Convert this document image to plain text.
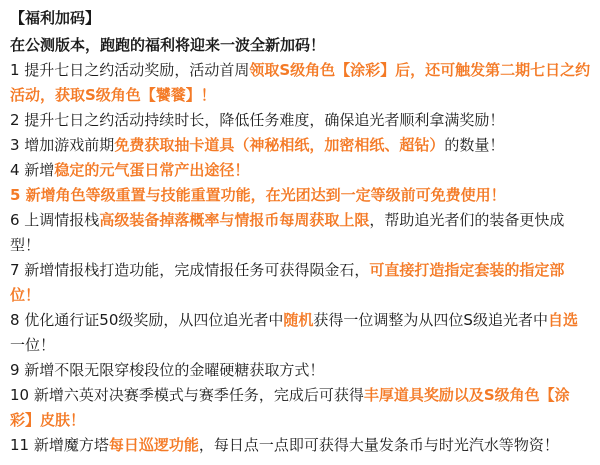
【福利加码】

在公测版本，跑跑的福利将迎来一波全新加码！

1 提升七日之约活动奖励，活动首周领取S级角色【涂彩】后，还可触发第二期七日之约活动，获取S级角色【饕餮】！

2 提升七日之约活动持续时长，降低任务难度，确保追光者顺利拿满奖励！

3 增加游戏前期免费获取抽卡道具（神秘相纸，加密相纸、超钻）的数量！

4 新增稳定的元气蛋日常产出途径！

5 新增角色等级重置与技能重置功能，在光团达到一定等级前可免费使用！

6 上调情报栈高级装备掉落概率与情报币每周获取上限，帮助追光者们的装备更快成型！

7 新增情报栈打造功能，完成情报任务可获得陨金石，可直接打造指定套装的指定部位！

8 优化通行证50级奖励，从四位追光者中随机获得一位调整为从四位S级追光者中自选一位！

9 新增不限无限穿梭段位的金曜硬糖获取方式！

10 新增六英对决赛季模式与赛季任务，完成后可获得丰厚道具奖励以及S级角色【涂彩】皮肤！

11 新增魔方塔每日巡逻功能，每日点一点即可获得大量发条币与时光汽水等物资！
